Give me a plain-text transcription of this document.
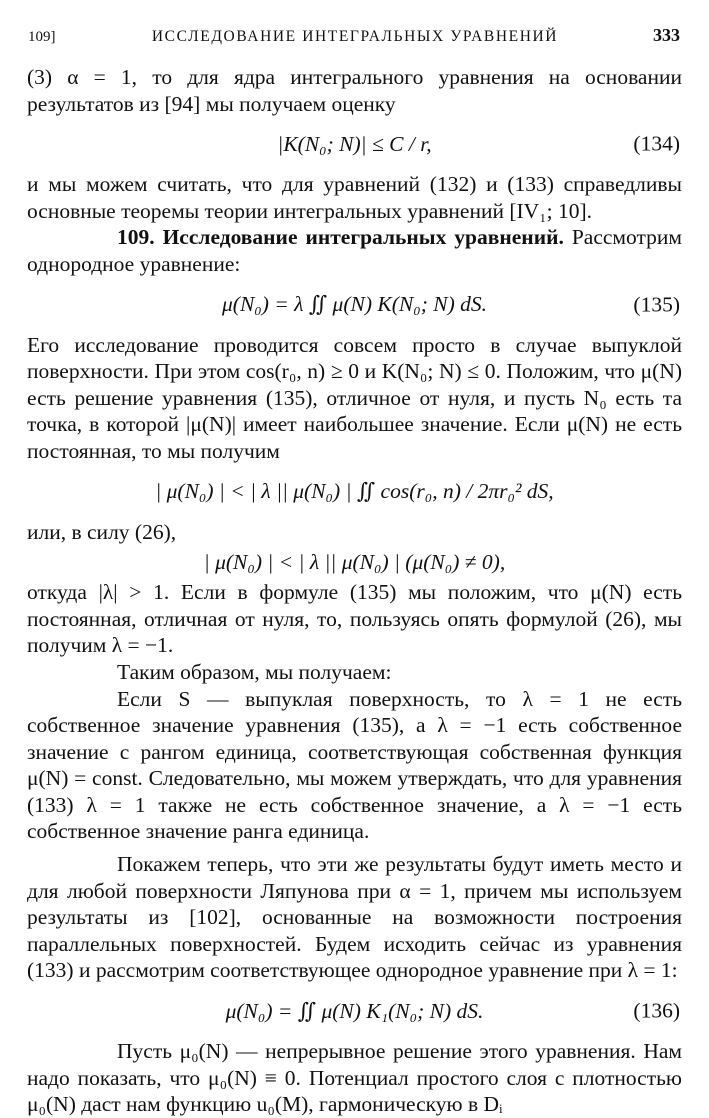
109]	ИССЛЕДОВАНИЕ ИНТЕГРАЛЬНЫХ УРАВНЕНИЙ	333

(3) α = 1, то для ядра интегрального уравнения на основании результатов из [94] мы получаем оценку

|K(N₀; N)| ≤ C / r,	(134)

и мы можем считать, что для уравнений (132) и (133) справедливы основные теоремы теории интегральных уравнений [IV₁; 10].

109. Исследование интегральных уравнений. Рассмотрим однородное уравнение:

μ(N₀) = λ ∬ μ(N) K(N₀; N) dS.	(135)

Его исследование проводится совсем просто в случае выпуклой поверхности. При этом cos(r₀, n) ≥ 0 и K(N₀; N) ≤ 0. Положим, что μ(N) есть решение уравнения (135), отличное от нуля, и пусть N₀ есть та точка, в которой |μ(N)| имеет наибольшее значение. Если μ(N) не есть постоянная, то мы получим

| μ(N₀) | < | λ || μ(N₀) | ∬ cos(r₀, n) / 2πr₀² dS,

или, в силу (26),

| μ(N₀) | < | λ || μ(N₀) | (μ(N₀) ≠ 0),

откуда |λ| > 1. Если в формуле (135) мы положим, что μ(N) есть постоянная, отличная от нуля, то, пользуясь опять формулой (26), мы получим λ = −1.

Таким образом, мы получаем:

Если S — выпуклая поверхность, то λ = 1 не есть собственное значение уравнения (135), а λ = −1 есть собственное значение с рангом единица, соответствующая собственная функция μ(N) = const. Следовательно, мы можем утверждать, что для уравнения (133) λ = 1 также не есть собственное значение, а λ = −1 есть собственное значение ранга единица.

Покажем теперь, что эти же результаты будут иметь место и для любой поверхности Ляпунова при α = 1, причем мы используем результаты из [102], основанные на возможности построения параллельных поверхностей. Будем исходить сейчас из уравнения (133) и рассмотрим соответствующее однородное уравнение при λ = 1:

μ(N₀) = ∬ μ(N) K₁(N₀; N) dS.	(136)

Пусть μ₀(N) — непрерывное решение этого уравнения. Нам надо показать, что μ₀(N) ≡ 0. Потенциал простого слоя с плотностью μ₀(N) даст нам функцию u₀(M), гармоническую в Dᵢ
